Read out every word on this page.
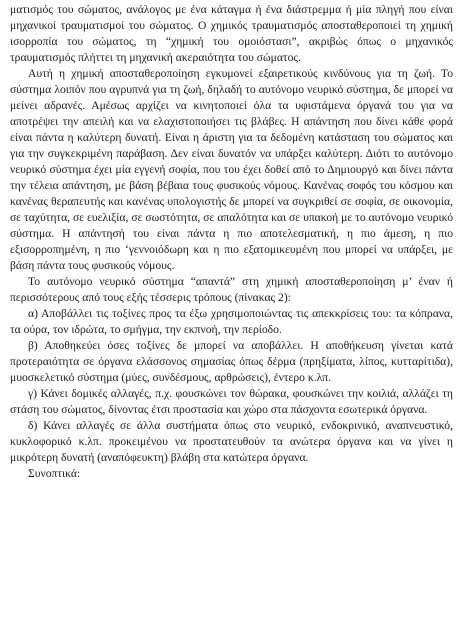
ματισμός του σώματος, ανάλογος με ένα κάταγμα ή ένα διάστρεμμα ή μία πληγή που είναι μηχανικοί τραυματισμοί του σώματος. Ο χημικός τραυματισμός αποσταθεροποιεί τη χημική ισορροπία του σώματος, τη “χημική του ομοιόστασι”, ακριβώς όπως ο μηχανικός τραυματισμός πλήττει τη μηχανική ακεραιότητα του σώματος.

Αυτή η χημική αποσταθεροποίηση εγκυμονεί εξαιρετικούς κινδύνους για τη ζωή. Το σύστημα λοιπόν που αγρυπνά για τη ζωή, δηλαδή το αυτόνομο νευρικό σύστημα, δε μπορεί να μείνει αδρανές. Αμέσως αρχίζει να κινητοποιεί όλα τα υφιστάμενα όργανά του για να αποτρέψει την απειλή και να ελαχιστοποιήσει τις βλάβες. Η απάντηση που δίνει κάθε φορά είναι πάντα η καλύτερη δυνατή. Είναι η άριστη για τα δεδομένη κατάσταση του σώματος και για την συγκεκριμένη παράβαση. Δεν είναι δυνατόν να υπάρξει καλύτερη. Διότι το αυτόνομο νευρικό σύστημα έχει μία εγγενή σοφία, που του έχει δοθεί από το Δημιουργό και δίνει πάντα την τέλεια απάντηση, με βάση βέβαια τους φυσικούς νόμους. Κανένας σοφός του κόσμου και κανένας θεραπευτής και κανένας υπολογιστής δε μπορεί να συγκριθεί σε σοφία, σε οικονομία, σε ταχύτητα, σε ευελιξία, σε σωστότητα, σε απαλότητα και σε υπακοή με το αυτόνομο νευρικό σύστημα. Η απάντησή του είναι πάντα η πιο αποτελεσματική, η πιο άμεση, η πιο εξισορροπημένη, η πιο ‘γεννοιόδωρη και η πιο εξατομικευμένη που μπορεί να υπάρξει, με βάση πάντα τους φυσικούς νόμους.

Το αυτόνομο νευρικό σύστημα “απαντά” στη χημική αποσταθεροποίηση μ’ έναν ή περισσότερους από τους εξής τέσσερις τρόπους (πίνακας 2):

α) Αποβάλλει τις τοξίνες προς τα έξω χρησιμοποιώντας τις απεκκρίσεις του: τα κόπρανα, τα ούρα, τον ιδρώτα, το σμήγμα, την εκπνοή, την περίοδο.

β) Αποθηκεύει όσες τοξίνες δε μπορεί να αποβάλλει. Η αποθήκευση γίνεται κατά προτεραιότητα σε όργανα ελάσσονος σημασίας όπως δέρμα (πρηξίματα, λίπος, κυτταρίτιδα), μυοσκελετικό σύστημα (μύες, συνδέσμους, αρθρώσεις), έντερο κ.λπ.

γ) Κάνει δομικές αλλαγές, π.χ. φουσκώνει τον θώρακα, φουσκώνει την κοιλιά, αλλάζει τη στάση του σώματος, δίνοντας έτσι προστασία και χώρο στα πάσχοντα εσωτερικά όργανα.

δ) Κάνει αλλαγές σε άλλα συστήματα όπως στο νευρικό, ενδοκρινικό, αναπνευστικό, κυκλοφορικό κ.λπ. προκειμένου να προστατευθούν τα ανώτερα όργανα και να γίνει η μικρότερη δυνατή (αναπόφευκτη) βλάβη στα κατώτερα όργανα.

Συνοπτικά:
